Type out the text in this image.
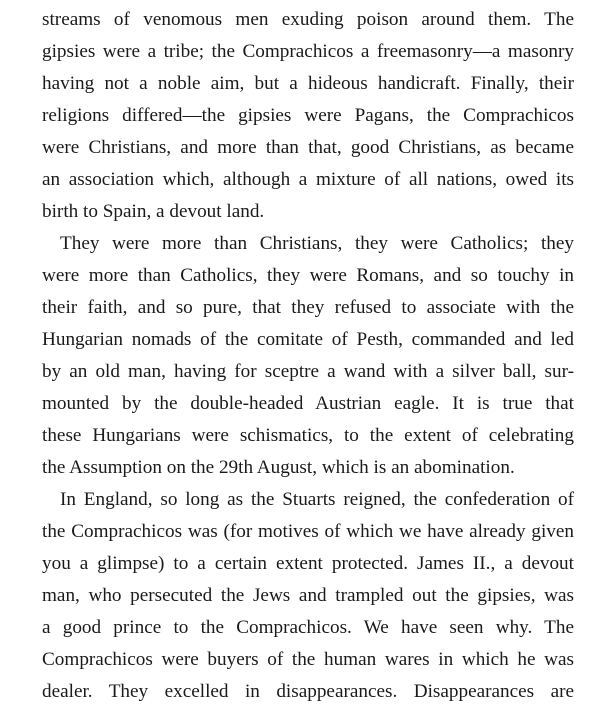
streams of venomous men exuding poison around them. The
gipsies were a tribe; the Comprachicos a freemasonry—a masonry
having not a noble aim, but a hideous handicraft. Finally, their
religions differed—the gipsies were Pagans, the Comprachicos
were Christians, and more than that, good Christians, as became
an association which, although a mixture of all nations, owed its
birth to Spain, a devout land.
They were more than Christians, they were Catholics; they
were more than Catholics, they were Romans, and so touchy in
their faith, and so pure, that they refused to associate with the
Hungarian nomads of the comitate of Pesth, commanded and led
by an old man, having for sceptre a wand with a silver ball, sur-
mounted by the double-headed Austrian eagle. It is true that
these Hungarians were schismatics, to the extent of celebrating
the Assumption on the 29th August, which is an abomination.
In England, so long as the Stuarts reigned, the confederation of
the Comprachicos was (for motives of which we have already given
you a glimpse) to a certain extent protected. James II., a devout
man, who persecuted the Jews and trampled out the gipsies, was
a good prince to the Comprachicos. We have seen why. The
Comprachicos were buyers of the human wares in which he was
dealer. They excelled in disappearances. Disappearances are
